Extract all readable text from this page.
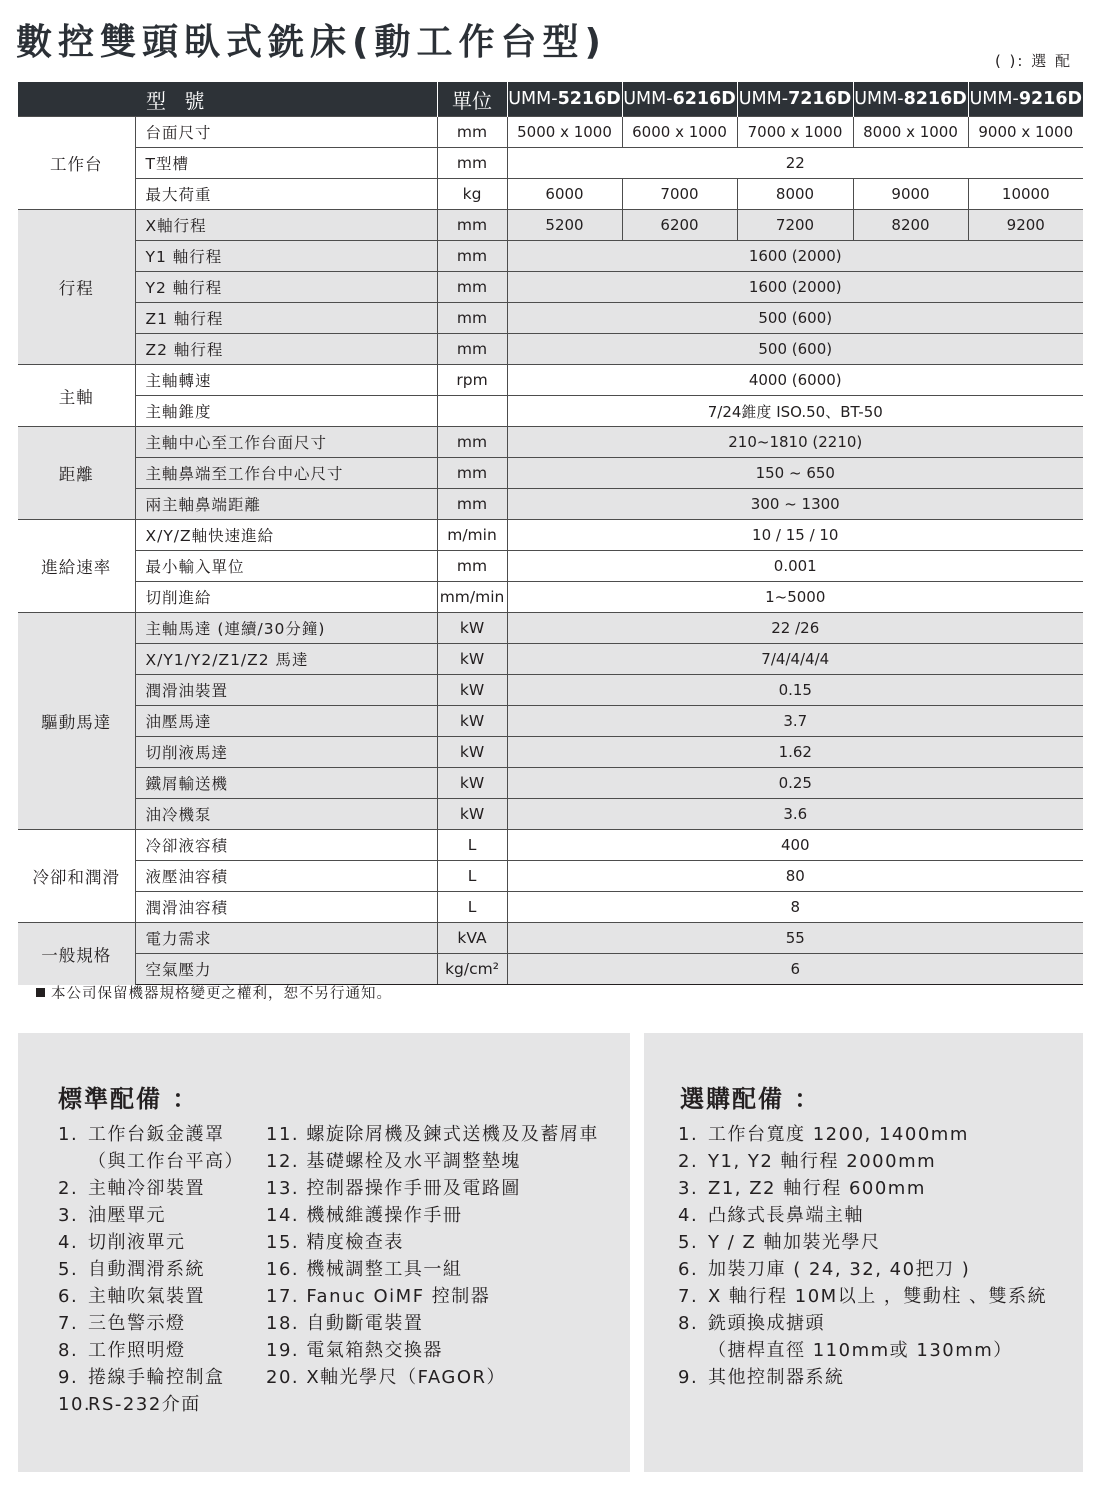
數控雙頭臥式銑床(動工作台型)	( ): 選 配
型 號		單位	UMM-5216D	UMM-6216D	UMM-7216D	UMM-8216D	UMM-9216D
工作台	台面尺寸	mm	5000 x 1000	6000 x 1000	7000 x 1000	8000 x 1000	9000 x 1000
	T型槽	mm	22				
	最大荷重	kg	6000	7000	8000	9000	10000
行程	X軸行程	mm	5200	6200	7200	8200	9200
	Y1 軸行程	mm	1600 (2000)				
	Y2 軸行程	mm	1600 (2000)				
	Z1 軸行程	mm	500 (600)				
	Z2 軸行程	mm	500 (600)				
主軸	主軸轉速	rpm	4000 (6000)				
	主軸錐度		7/24錐度 ISO.50、BT-50				
距離	主軸中心至工作台面尺寸	mm	210~1810 (2210)				
	主軸鼻端至工作台中心尺寸	mm	150 ~ 650				
	兩主軸鼻端距離	mm	300 ~ 1300				
進給速率	X/Y/Z軸快速進給	m/min	10 / 15 / 10				
	最小輸入單位	mm	0.001				
	切削進給	mm/min	1~5000				
驅動馬達	主軸馬達 (連續/30分鐘)	kW	22 /26				
	X/Y1/Y2/Z1/Z2 馬達	kW	7/4/4/4/4				
	潤滑油裝置	kW	0.15				
	油壓馬達	kW	3.7				
	切削液馬達	kW	1.62				
	鐵屑輸送機	kW	0.25				
	油冷機泵	kW	3.6				
冷卻和潤滑	冷卻液容積	L	400				
	液壓油容積	L	80				
	潤滑油容積	L	8				
一般規格	電力需求	kVA	55				
	空氣壓力	kg/cm²	6				
本公司保留機器規格變更之權利，恕不另行通知。
標準配備 ：
1. 工作台鈑金護罩
（與工作台平高）
2. 主軸冷卻裝置
3. 油壓單元
4. 切削液單元
5. 自動潤滑系統
6. 主軸吹氣裝置
7. 三色警示燈
8. 工作照明燈
9. 捲線手輪控制盒
10.RS-232介面
11. 螺旋除屑機及鍊式送機及及蓄屑車
12. 基礎螺栓及水平調整墊塊
13. 控制器操作手冊及電路圖
14. 機械維護操作手冊
15. 精度檢查表
16. 機械調整工具一組
17. Fanuc OiMF 控制器
18. 自動斷電裝置
19. 電氣箱熱交換器
20. X軸光學尺（FAGOR）
選購配備 ：
1. 工作台寬度 1200, 1400mm
2. Y1, Y2 軸行程 2000mm
3. Z1, Z2 軸行程 600mm
4. 凸緣式長鼻端主軸
5. Y / Z 軸加裝光學尺
6. 加裝刀庫 ( 24, 32, 40把刀 )
7. X 軸行程 10M以上 ，雙動柱 、雙系統
8. 銑頭換成搪頭
（搪桿直徑 110mm或 130mm）
9. 其他控制器系統
